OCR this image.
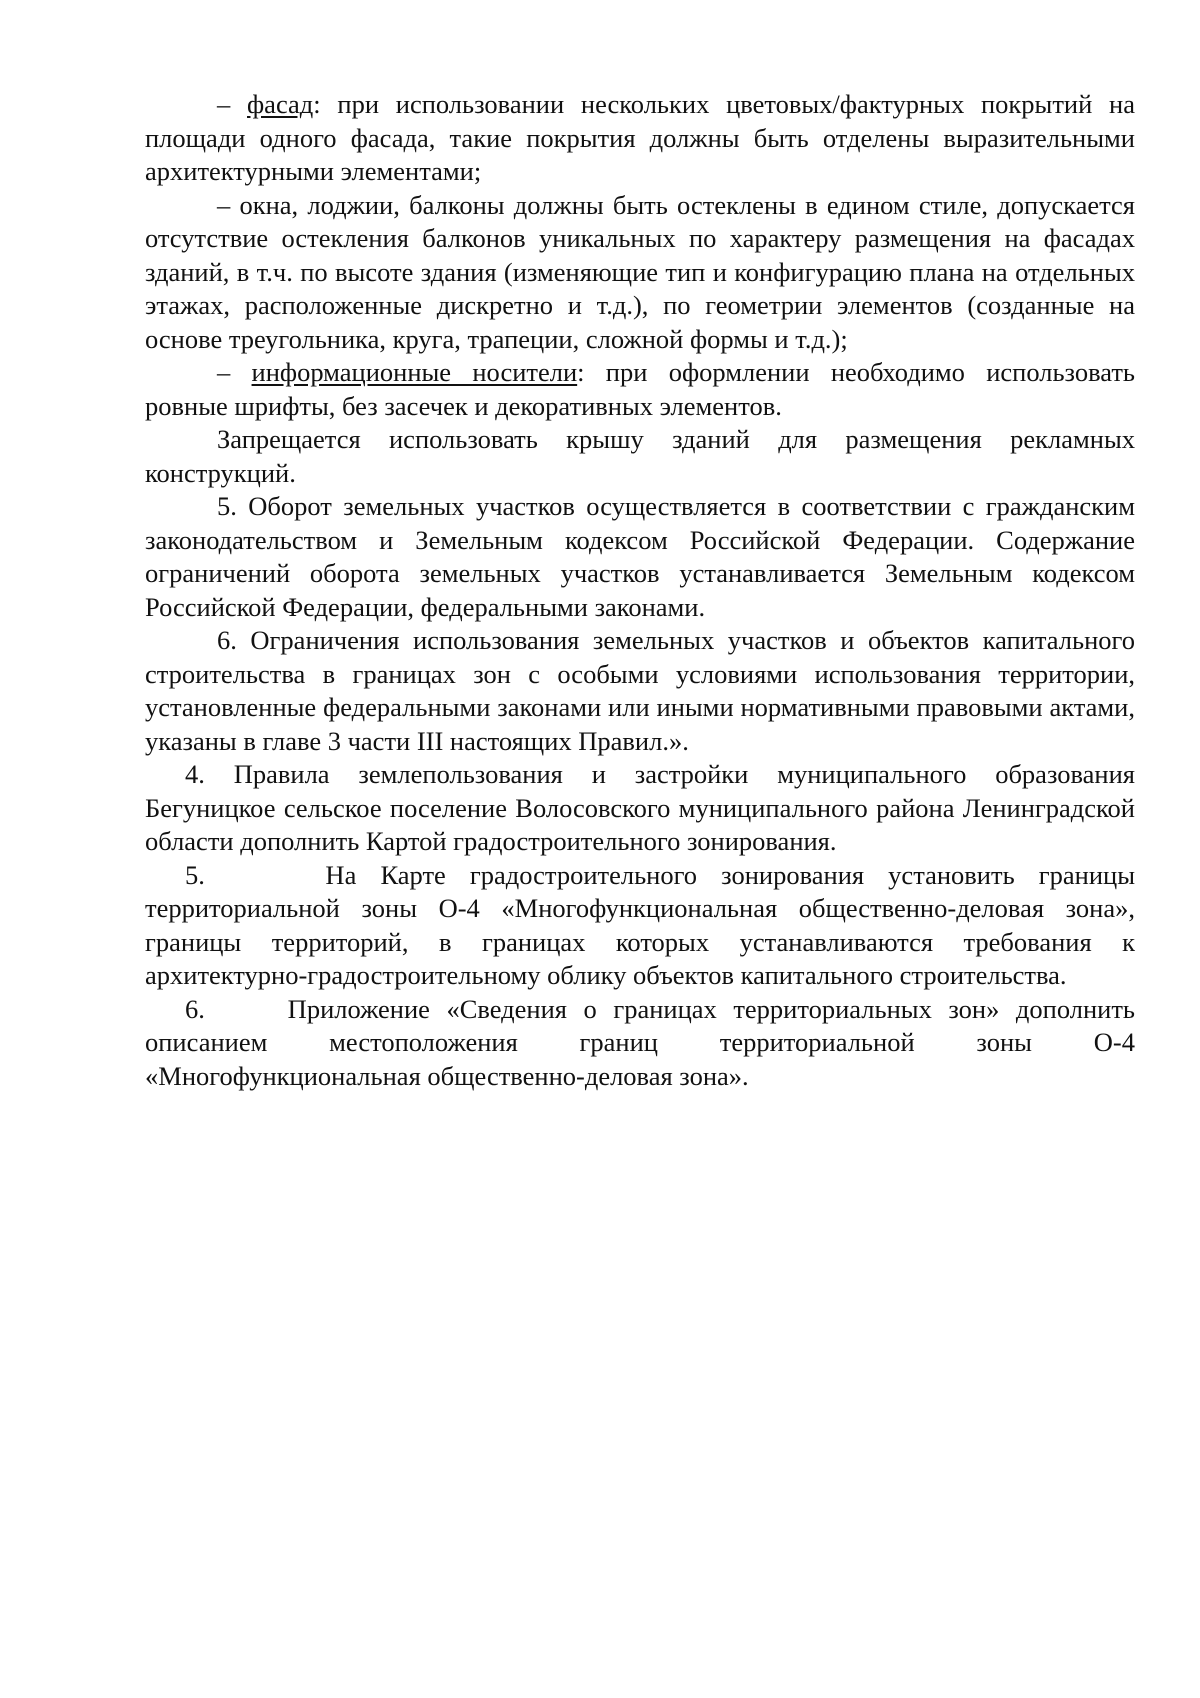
– фасад: при использовании нескольких цветовых/фактурных покрытий на площади одного фасада, такие покрытия должны быть отделены выразительными архитектурными элементами;

– окна, лоджии, балконы должны быть остеклены в едином стиле, допускается отсутствие остекления балконов уникальных по характеру размещения на фасадах зданий, в т.ч. по высоте здания (изменяющие тип и конфигурацию плана на отдельных этажах, расположенные дискретно и т.д.), по геометрии элементов (созданные на основе треугольника, круга, трапеции, сложной формы и т.д.);

– информационные носители: при оформлении необходимо использовать ровные шрифты, без засечек и декоративных элементов.

Запрещается использовать крышу зданий для размещения рекламных конструкций.

5. Оборот земельных участков осуществляется в соответствии с гражданским законодательством и Земельным кодексом Российской Федерации. Содержание ограничений оборота земельных участков устанавливается Земельным кодексом Российской Федерации, федеральными законами.

6. Ограничения использования земельных участков и объектов капитального строительства в границах зон с особыми условиями использования территории, установленные федеральными законами или иными нормативными правовыми актами, указаны в главе 3 части III настоящих Правил.».

4. Правила землепользования и застройки муниципального образования Бегуницкое сельское поселение Волосовского муниципального района Ленинградской области дополнить Картой градостроительного зонирования.

5.     На Карте градостроительного зонирования установить границы территориальной зоны О-4 «Многофункциональная общественно-деловая зона», границы территорий, в границах которых устанавливаются требования к архитектурно-градостроительному облику объектов капитального строительства.

6.     Приложение «Сведения о границах территориальных зон» дополнить описанием местоположения границ территориальной зоны О-4 «Многофункциональная общественно-деловая зона».
